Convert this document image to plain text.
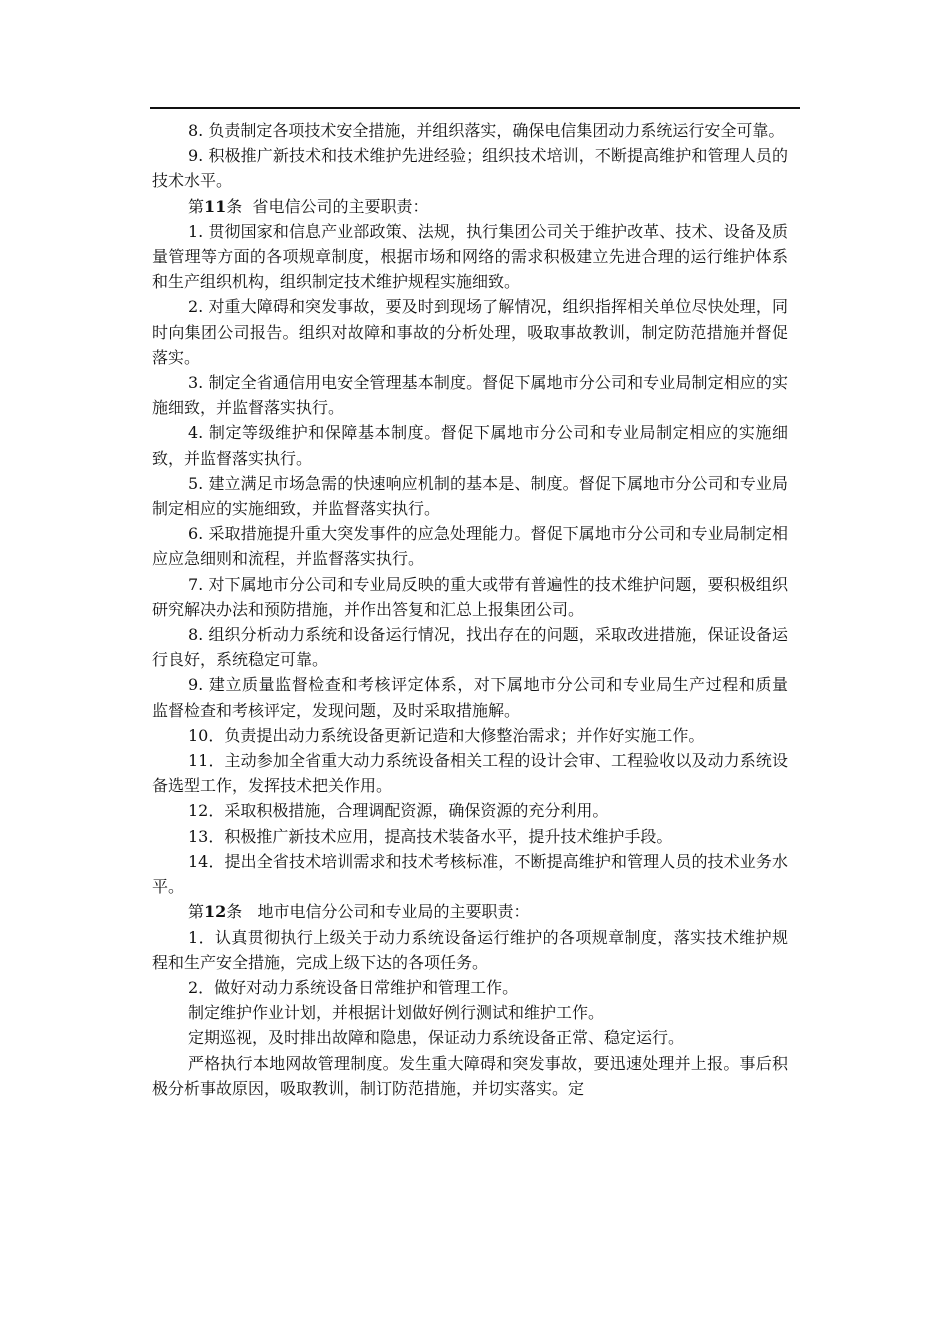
8. 负责制定各项技术安全措施，并组织落实，确保电信集团动力系统运行安全可靠。

9. 积极推广新技术和技术维护先进经验；组织技术培训，不断提高维护和管理人员的技术水平。

第11条  省电信公司的主要职责：

1. 贯彻国家和信息产业部政策、法规，执行集团公司关于维护改革、技术、设备及质量管理等方面的各项规章制度，根据市场和网络的需求积极建立先进合理的运行维护体系和生产组织机构，组织制定技术维护规程实施细致。

2. 对重大障碍和突发事故，要及时到现场了解情况，组织指挥相关单位尽快处理，同时向集团公司报告。组织对故障和事故的分析处理，吸取事故教训，制定防范措施并督促落实。

3. 制定全省通信用电安全管理基本制度。督促下属地市分公司和专业局制定相应的实施细致，并监督落实执行。

4. 制定等级维护和保障基本制度。督促下属地市分公司和专业局制定相应的实施细致，并监督落实执行。

5. 建立满足市场急需的快速响应机制的基本是、制度。督促下属地市分公司和专业局制定相应的实施细致，并监督落实执行。

6. 采取措施提升重大突发事件的应急处理能力。督促下属地市分公司和专业局制定相应应急细则和流程，并监督落实执行。

7. 对下属地市分公司和专业局反映的重大或带有普遍性的技术维护问题，要积极组织研究解决办法和预防措施，并作出答复和汇总上报集团公司。

8. 组织分析动力系统和设备运行情况，找出存在的问题，采取改进措施，保证设备运行良好，系统稳定可靠。

9. 建立质量监督检查和考核评定体系，对下属地市分公司和专业局生产过程和质量 监督检查和考核评定，发现问题，及时采取措施解。

10．负责提出动力系统设备更新记造和大修整治需求；并作好实施工作。

11．主动参加全省重大动力系统设备相关工程的设计会审、工程验收以及动力系统设备选型工作，发挥技术把关作用。

12．采取积极措施，合理调配资源，确保资源的充分利用。

13．积极推广新技术应用，提高技术装备水平，提升技术维护手段。

14．提出全省技术培训需求和技术考核标准，不断提高维护和管理人员的技术业务水平。

第12条   地市电信分公司和专业局的主要职责：

1．认真贯彻执行上级关于动力系统设备运行维护的各项规章制度，落实技术维护规程和生产安全措施，完成上级下达的各项任务。

2．做好对动力系统设备日常维护和管理工作。

制定维护作业计划，并根据计划做好例行测试和维护工作。

定期巡视，及时排出故障和隐患，保证动力系统设备正常、稳定运行。

严格执行本地网故管理制度。发生重大障碍和突发事故，要迅速处理并上报。事后积极分析事故原因，吸取教训，制订防范措施，并切实落实。定
